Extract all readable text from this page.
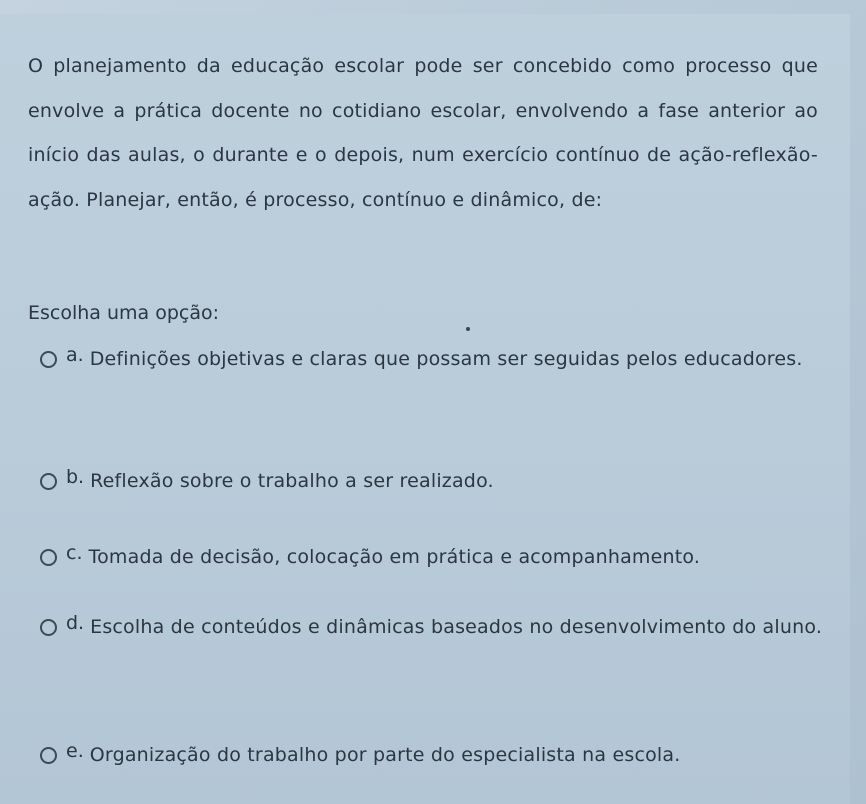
O planejamento da educação escolar pode ser concebido como processo que envolve a prática docente no cotidiano escolar, envolvendo a fase anterior ao início das aulas, o durante e o depois, num exercício contínuo de ação-reflexão-ação. Planejar, então, é processo, contínuo e dinâmico, de:

Escolha uma opção:
a. Definições objetivas e claras que possam ser seguidas pelos educadores.
b. Reflexão sobre o trabalho a ser realizado.
c. Tomada de decisão, colocação em prática e acompanhamento.
d. Escolha de conteúdos e dinâmicas baseados no desenvolvimento do aluno.
e. Organização do trabalho por parte do especialista na escola.
